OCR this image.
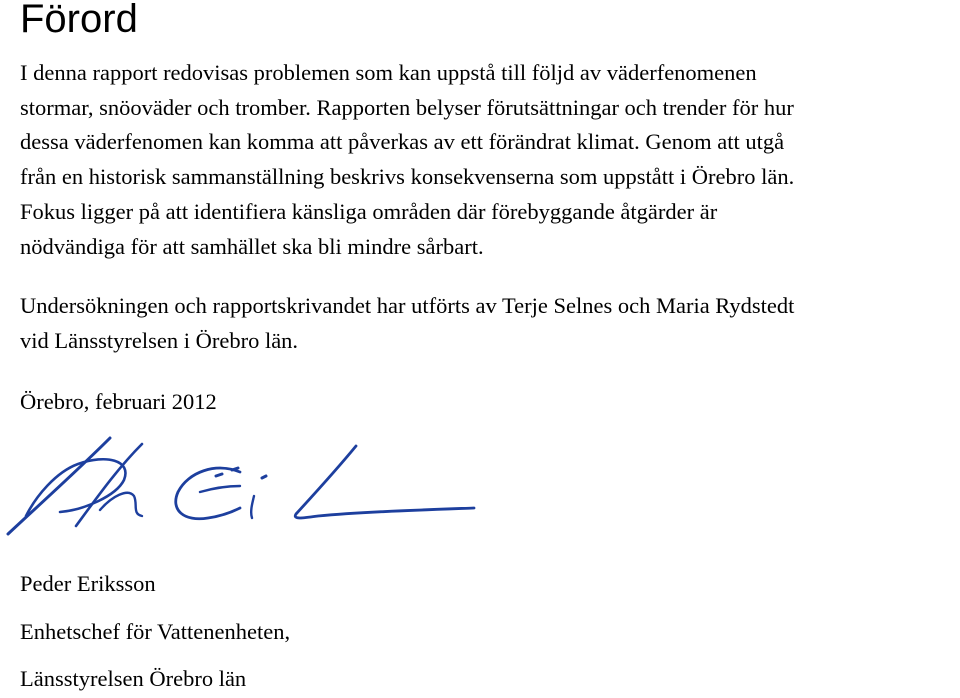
Förord

I denna rapport redovisas problemen som kan uppstå till följd av väderfenomenen
stormar, snöoväder och tromber. Rapporten belyser förutsättningar och trender för hur
dessa väderfenomen kan komma att påverkas av ett förändrat klimat. Genom att utgå
från en historisk sammanställning beskrivs konsekvenserna som uppstått i Örebro län.
Fokus ligger på att identifiera känsliga områden där förebyggande åtgärder är
nödvändiga för att samhället ska bli mindre sårbart.

Undersökningen och rapportskrivandet har utförts av Terje Selnes och Maria Rydstedt
vid Länsstyrelsen i Örebro län.

Örebro, februari 2012

Peder Eriksson

Enhetschef för Vattenenheten,

Länsstyrelsen Örebro län
